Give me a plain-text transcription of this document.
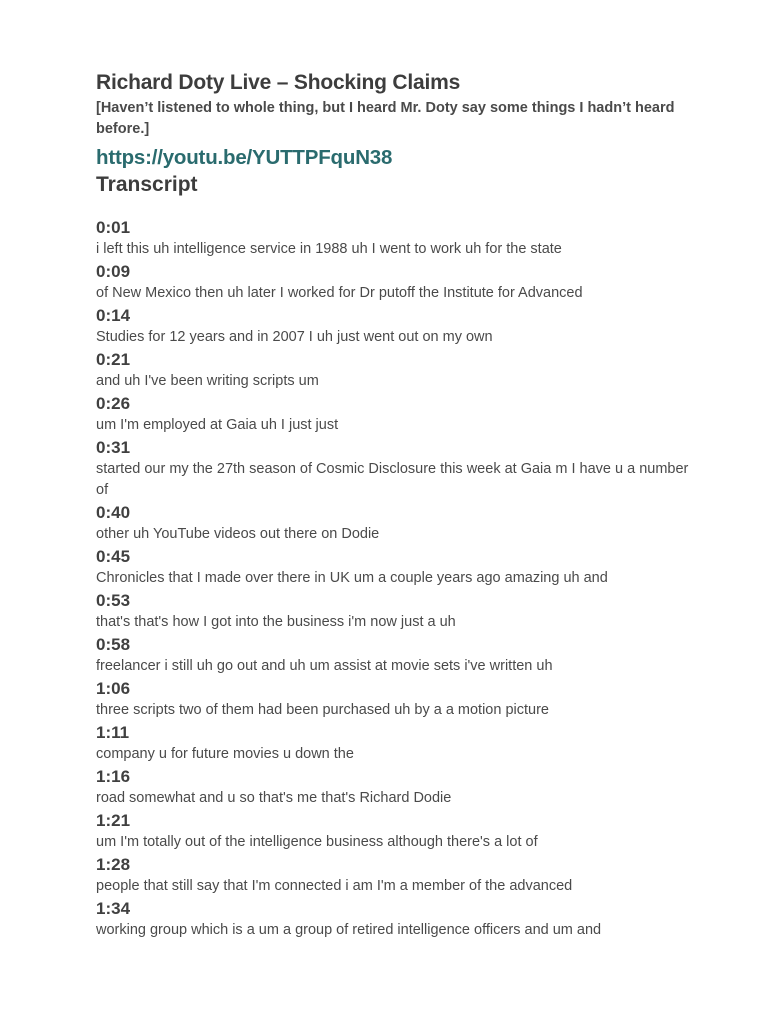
Richard Doty Live – Shocking Claims

[Haven’t listened to whole thing, but I heard Mr. Doty say some things I hadn’t heard before.]

https://youtu.be/YUTTPFquN38
Transcript
0:01
i left this uh intelligence service in 1988 uh I went to work uh for the state
0:09
of New Mexico then uh later I worked for Dr putoff the Institute for Advanced
0:14
Studies for 12 years and in 2007 I uh just went out on my own
0:21
and uh I've been writing scripts um
0:26
um I'm employed at Gaia uh I just just
0:31
started our my the 27th season of Cosmic Disclosure this week at Gaia m I have u a number of
0:40
other uh YouTube videos out there on Dodie
0:45
Chronicles that I made over there in UK um a couple years ago amazing uh and
0:53
that's that's how I got into the business i'm now just a uh
0:58
freelancer i still uh go out and uh um assist at movie sets i've written uh
1:06
three scripts two of them had been purchased uh by a a motion picture
1:11
company u for future movies u down the
1:16
road somewhat and u so that's me that's Richard Dodie
1:21
um I'm totally out of the intelligence business although there's a lot of
1:28
people that still say that I'm connected i am I'm a member of the advanced
1:34
working group which is a um a group of retired intelligence officers and um and
